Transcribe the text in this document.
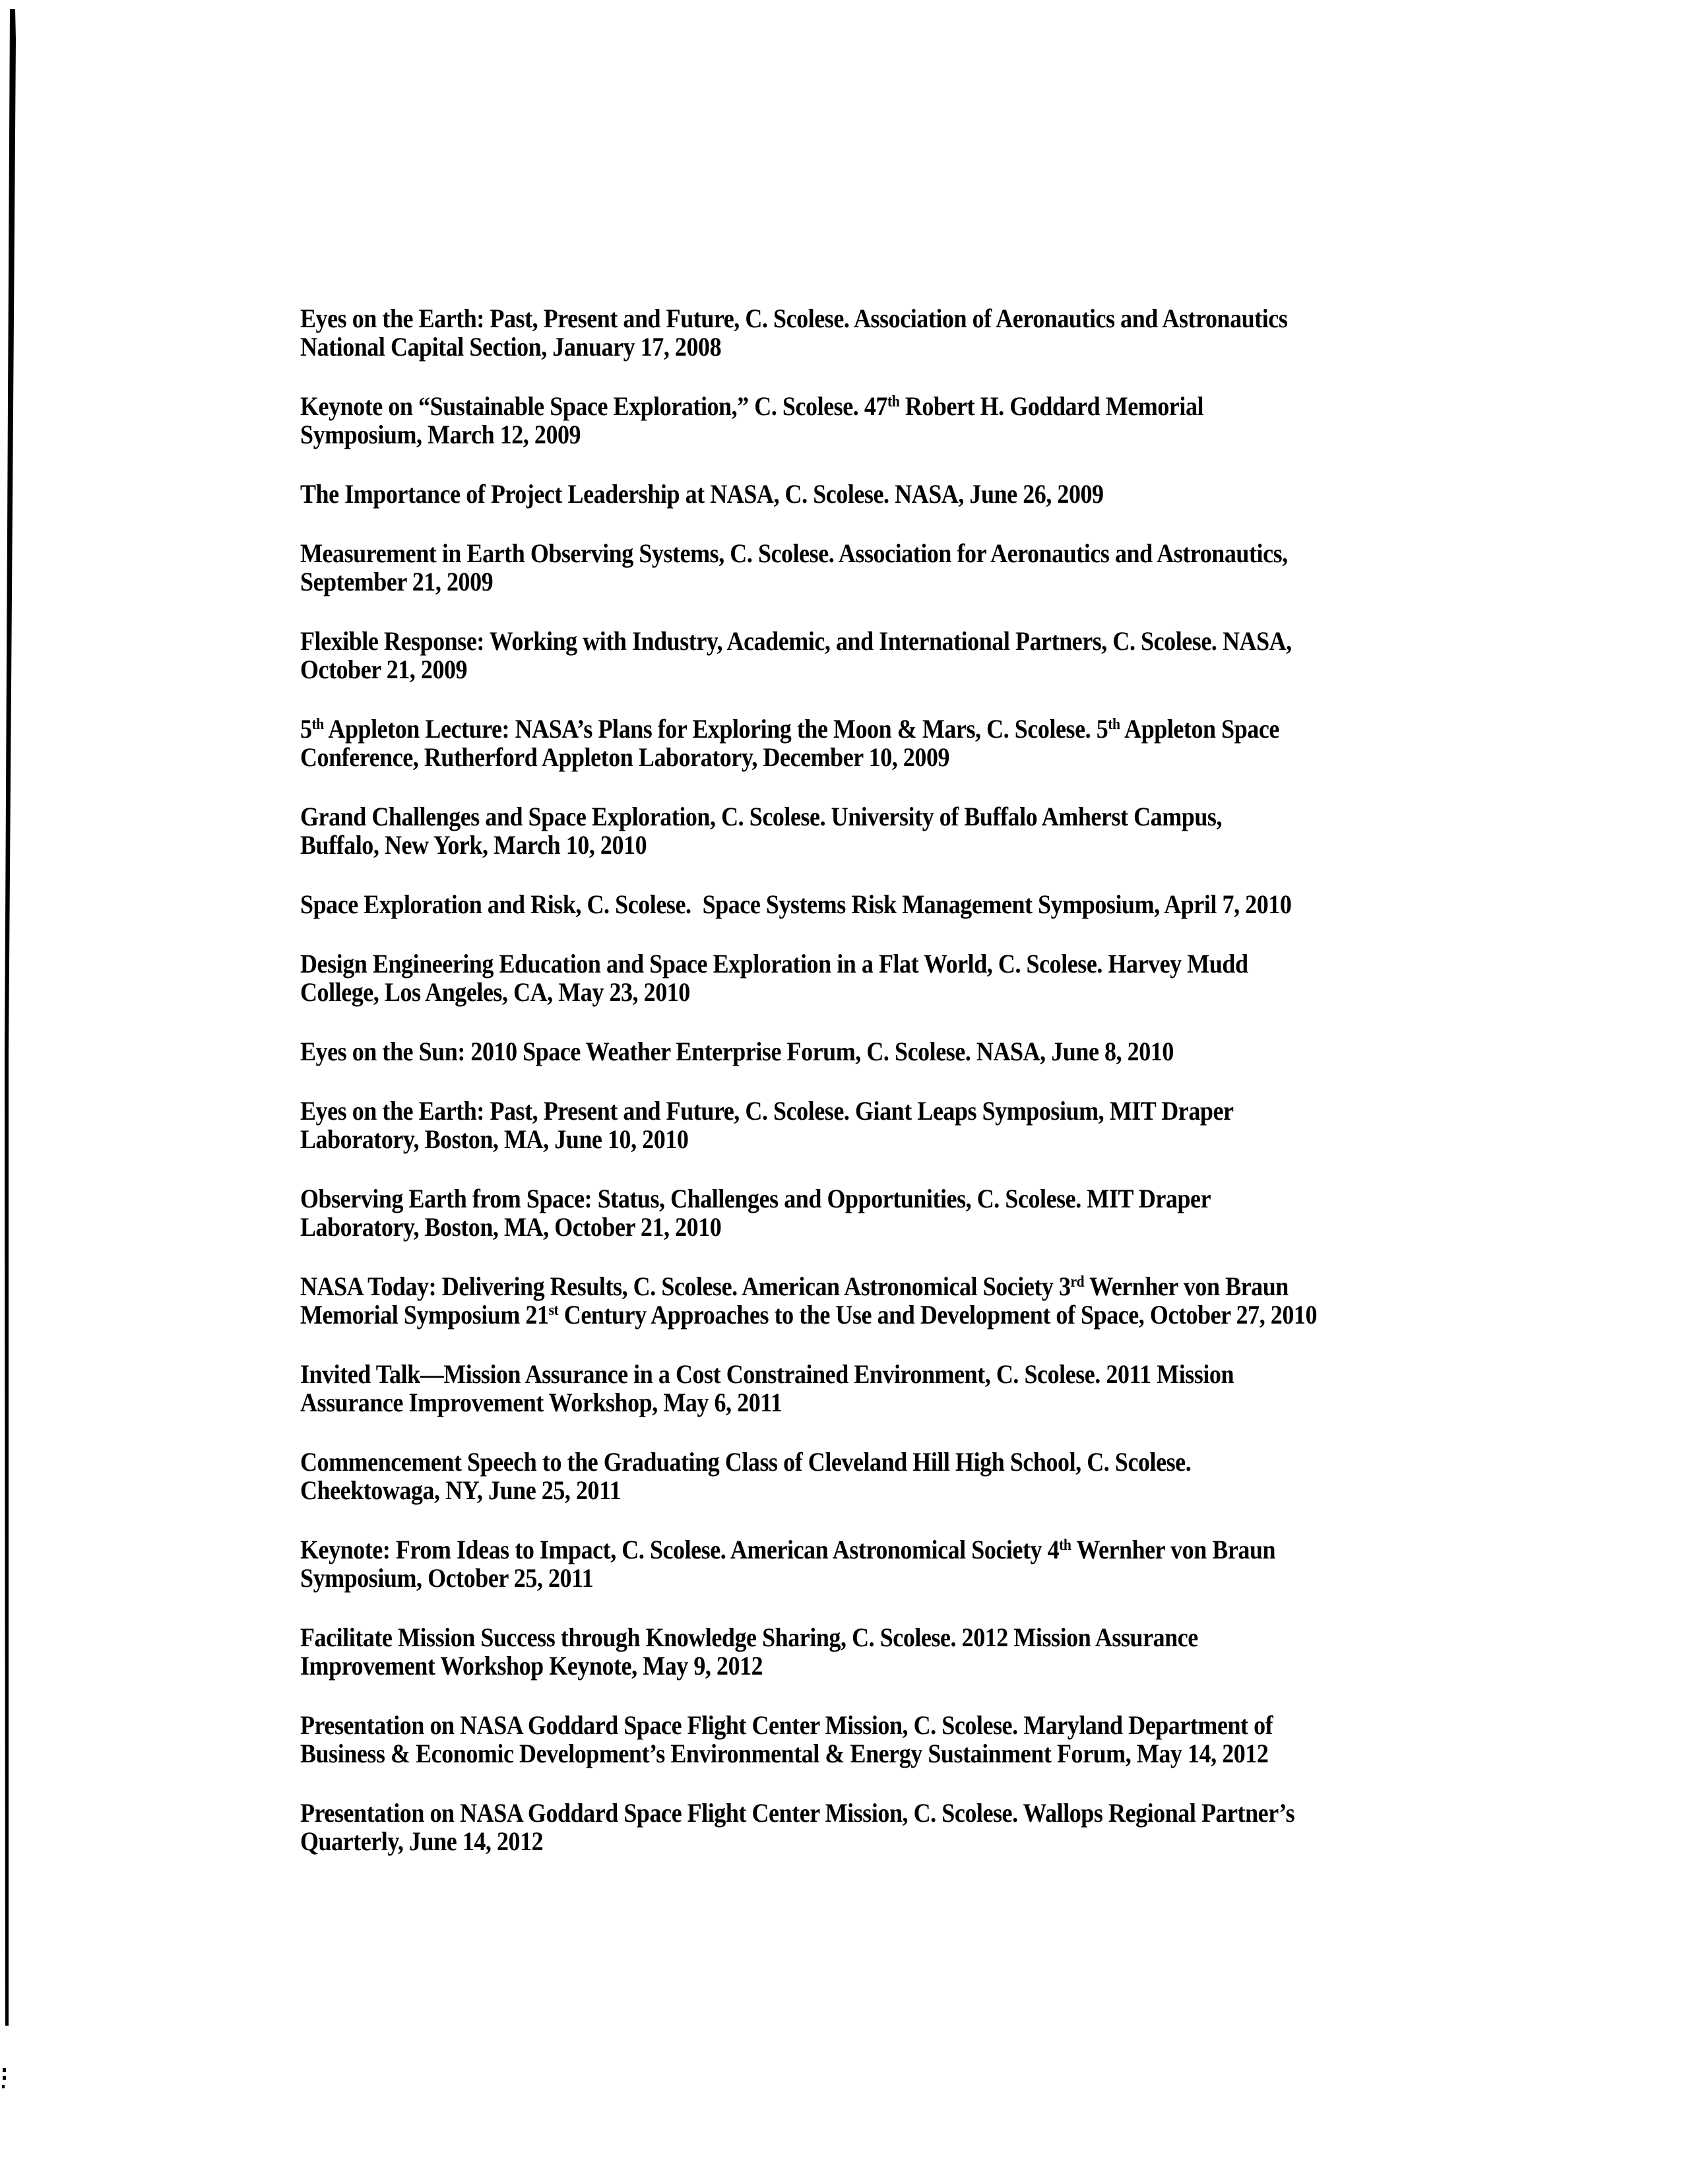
Eyes on the Earth: Past, Present and Future, C. Scolese. Association of Aeronautics and Astronautics
National Capital Section, January 17, 2008

Keynote on “Sustainable Space Exploration,” C. Scolese. 47th Robert H. Goddard Memorial
Symposium, March 12, 2009

The Importance of Project Leadership at NASA, C. Scolese. NASA, June 26, 2009

Measurement in Earth Observing Systems, C. Scolese. Association for Aeronautics and Astronautics,
September 21, 2009

Flexible Response: Working with Industry, Academic, and International Partners, C. Scolese. NASA,
October 21, 2009

5th Appleton Lecture: NASA’s Plans for Exploring the Moon & Mars, C. Scolese. 5th Appleton Space
Conference, Rutherford Appleton Laboratory, December 10, 2009

Grand Challenges and Space Exploration, C. Scolese. University of Buffalo Amherst Campus,
Buffalo, New York, March 10, 2010

Space Exploration and Risk, C. Scolese.  Space Systems Risk Management Symposium, April 7, 2010

Design Engineering Education and Space Exploration in a Flat World, C. Scolese. Harvey Mudd
College, Los Angeles, CA, May 23, 2010

Eyes on the Sun: 2010 Space Weather Enterprise Forum, C. Scolese. NASA, June 8, 2010

Eyes on the Earth: Past, Present and Future, C. Scolese. Giant Leaps Symposium, MIT Draper
Laboratory, Boston, MA, June 10, 2010

Observing Earth from Space: Status, Challenges and Opportunities, C. Scolese. MIT Draper
Laboratory, Boston, MA, October 21, 2010

NASA Today: Delivering Results, C. Scolese. American Astronomical Society 3rd Wernher von Braun
Memorial Symposium 21st Century Approaches to the Use and Development of Space, October 27, 2010

Invited Talk—Mission Assurance in a Cost Constrained Environment, C. Scolese. 2011 Mission
Assurance Improvement Workshop, May 6, 2011

Commencement Speech to the Graduating Class of Cleveland Hill High School, C. Scolese.
Cheektowaga, NY, June 25, 2011

Keynote: From Ideas to Impact, C. Scolese. American Astronomical Society 4th Wernher von Braun
Symposium, October 25, 2011

Facilitate Mission Success through Knowledge Sharing, C. Scolese. 2012 Mission Assurance
Improvement Workshop Keynote, May 9, 2012

Presentation on NASA Goddard Space Flight Center Mission, C. Scolese. Maryland Department of
Business & Economic Development’s Environmental & Energy Sustainment Forum, May 14, 2012

Presentation on NASA Goddard Space Flight Center Mission, C. Scolese. Wallops Regional Partner’s
Quarterly, June 14, 2012
